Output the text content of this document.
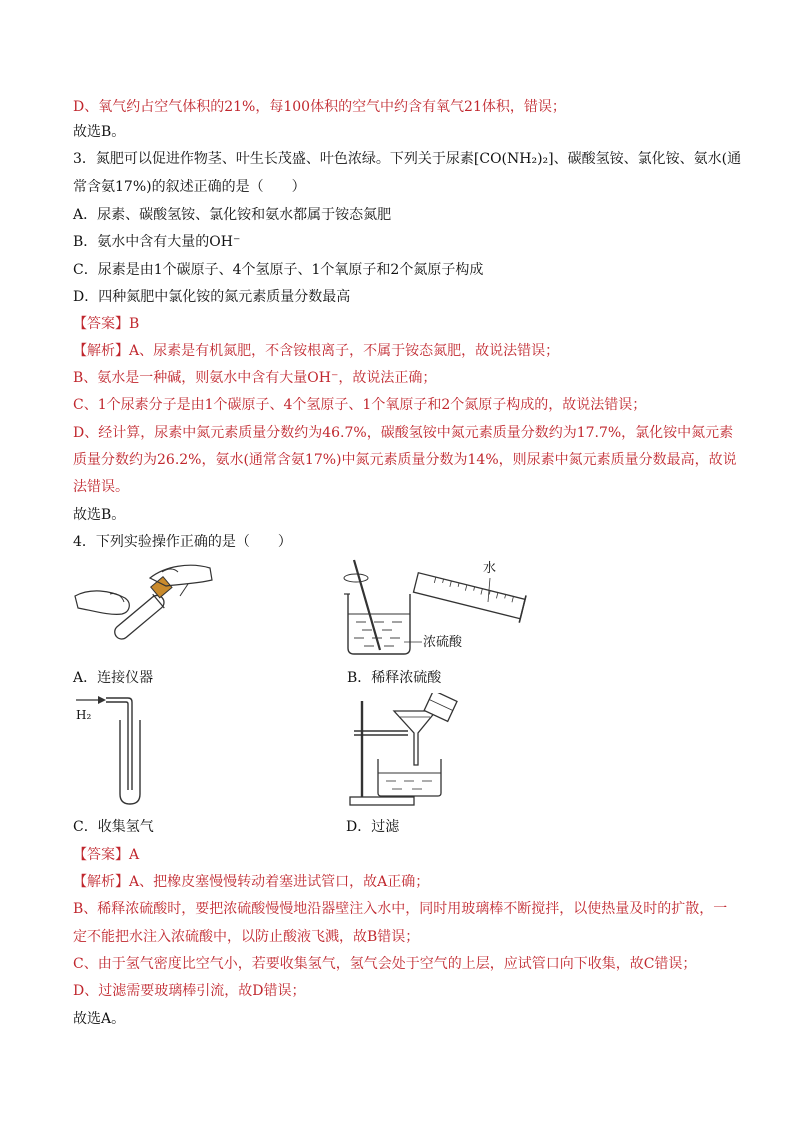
D、氧气约占空气体积的21%，每100体积的空气中约含有氧气21体积，错误；
故选B。
3．氮肥可以促进作物茎、叶生长茂盛、叶色浓绿。下列关于尿素[CO(NH₂)₂]、碳酸氢铵、氯化铵、氨水(通
常含氨17%)的叙述正确的是（　　）
A．尿素、碳酸氢铵、氯化铵和氨水都属于铵态氮肥
B．氨水中含有大量的OH⁻
C．尿素是由1个碳原子、4个氢原子、1个氧原子和2个氮原子构成
D．四种氮肥中氯化铵的氮元素质量分数最高
【答案】B
【解析】A、尿素是有机氮肥，不含铵根离子，不属于铵态氮肥，故说法错误；
B、氨水是一种碱，则氨水中含有大量OH⁻，故说法正确；
C、1个尿素分子是由1个碳原子、4个氢原子、1个氧原子和2个氮原子构成的，故说法错误；
D、经计算，尿素中氮元素质量分数约为46.7%，碳酸氢铵中氮元素质量分数约为17.7%，氯化铵中氮元素
质量分数约为26.2%，氨水(通常含氨17%)中氮元素质量分数为14%，则尿素中氮元素质量分数最高，故说
法错误。
故选B。
4．下列实验操作正确的是（　　）
A．连接仪器
水
浓硫酸
B．稀释浓硫酸
H₂
C．收集氢气	D．过滤
【答案】A
【解析】A、把橡皮塞慢慢转动着塞进试管口，故A正确；
B、稀释浓硫酸时，要把浓硫酸慢慢地沿器壁注入水中，同时用玻璃棒不断搅拌，以使热量及时的扩散，一
定不能把水注入浓硫酸中，以防止酸液飞溅，故B错误；
C、由于氢气密度比空气小，若要收集氢气，氢气会处于空气的上层，应试管口向下收集，故C错误；
D、过滤需要玻璃棒引流，故D错误；
故选A。
